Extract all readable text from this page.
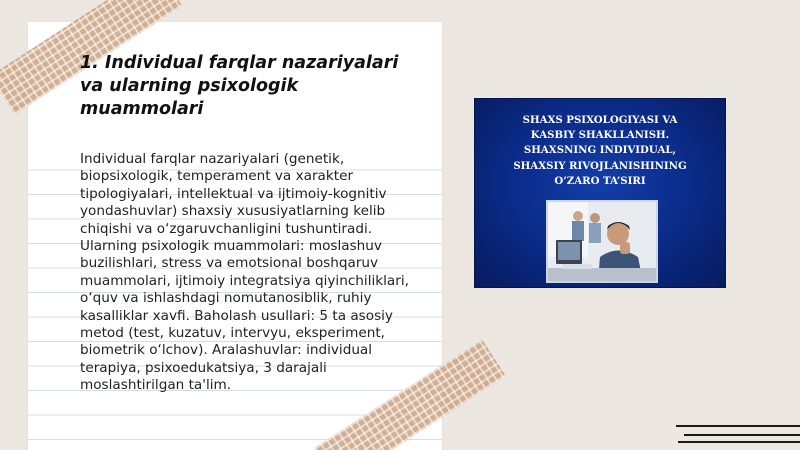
1. Individual farqlar nazariyalari va ularning psixologik muammolari

Individual farqlar nazariyalari (genetik, biopsixologik, temperament va xarakter tipologiyalari, intellektual va ijtimoiy-kognitiv yondashuvlar) shaxsiy xususiyatlarning kelib chiqishi va o‘zgaruvchanligini tushuntiradi. Ularning psixologik muammolari: moslashuv buzilishlari, stress va emotsional boshqaruv muammolari, ijtimoiy integratsiya qiyinchiliklari, o‘quv va ishlashdagi nomutanosiblik, ruhiy kasalliklar xavfi. Baholash usullari: 5 ta asosiy metod (test, kuzatuv, intervyu, eksperiment, biometrik o‘lchov). Aralashuvlar: individual terapiya, psixoedukatsiya, 3 darajali moslashtirilgan ta'lim.

SHAXS PSIXOLOGIYASI VA
KASBIY SHAKLLANISH.
SHAXSNING INDIVIDUAL,
SHAXSIY RIVOJLANISHINING
O’ZARO TA’SIRI
